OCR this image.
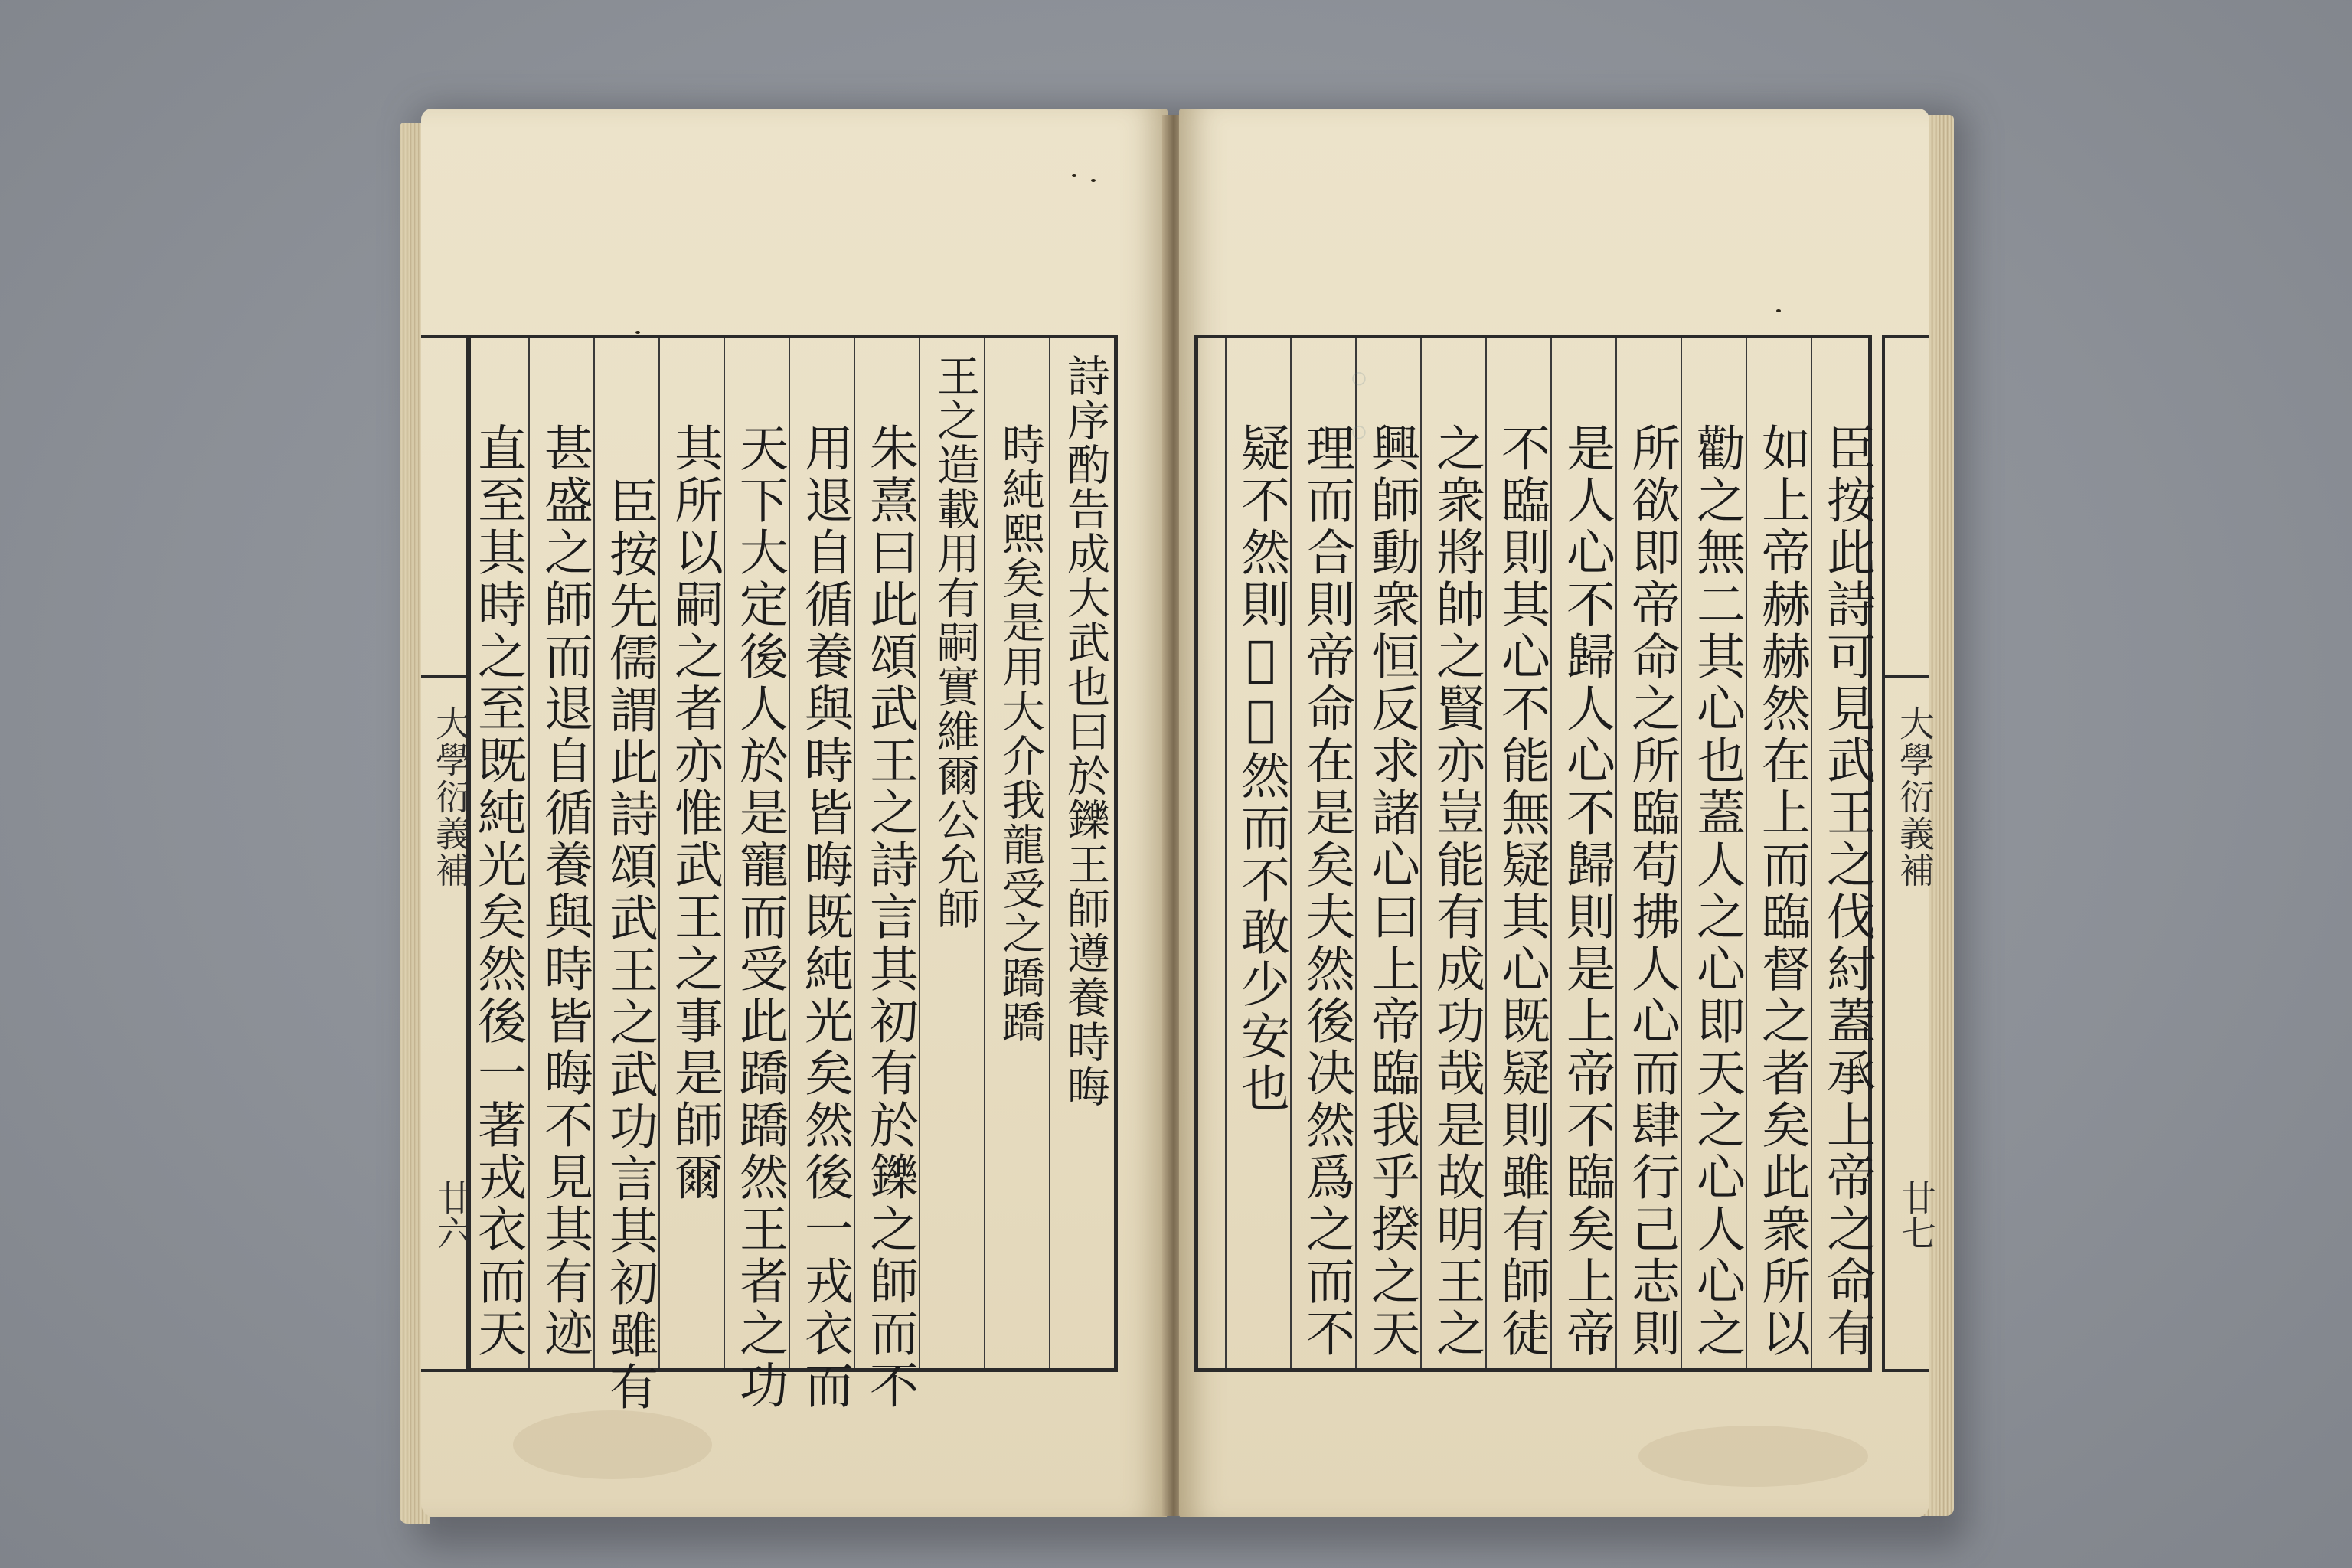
大學衍義補
廿六
詩序酌告成大武也曰於鑠王師遵養時晦
時純熙矣是用大介我龍受之蹻蹻
王之造載用有嗣實維爾公允師
朱熹曰此頌武王之詩言其初有於鑠之師而不
用退自循養與時皆晦既純光矣然後一戎衣而
天下大定後人於是寵而受此蹻蹻然王者之功
其所以嗣之者亦惟武王之事是師爾
臣按先儒謂此詩頌武王之武功言其初雖有
甚盛之師而退自循養與時皆晦不見其有迹
直至其時之至既純光矣然後一著戎衣而天	大學衍義補
廿七
臣按此詩可見武王之伐紂蓋承上帝之命有
如上帝赫赫然在上而臨督之者矣此衆所以
勸之無二其心也蓋人之心即天之心人心之
所欲即帝命之所臨苟拂人心而肆行己志則
是人心不歸人心不歸則是上帝不臨矣上帝
不臨則其心不能無疑其心既疑則雖有師徒
之衆將帥之賢亦豈能有成功哉是故明王之
興師動衆恒反求諸心曰上帝臨我乎揆之天
理而合則帝命在是矣夫然後决然爲之而不
疑不然則𣭨𣭨然而不敢少安也
◦◦
